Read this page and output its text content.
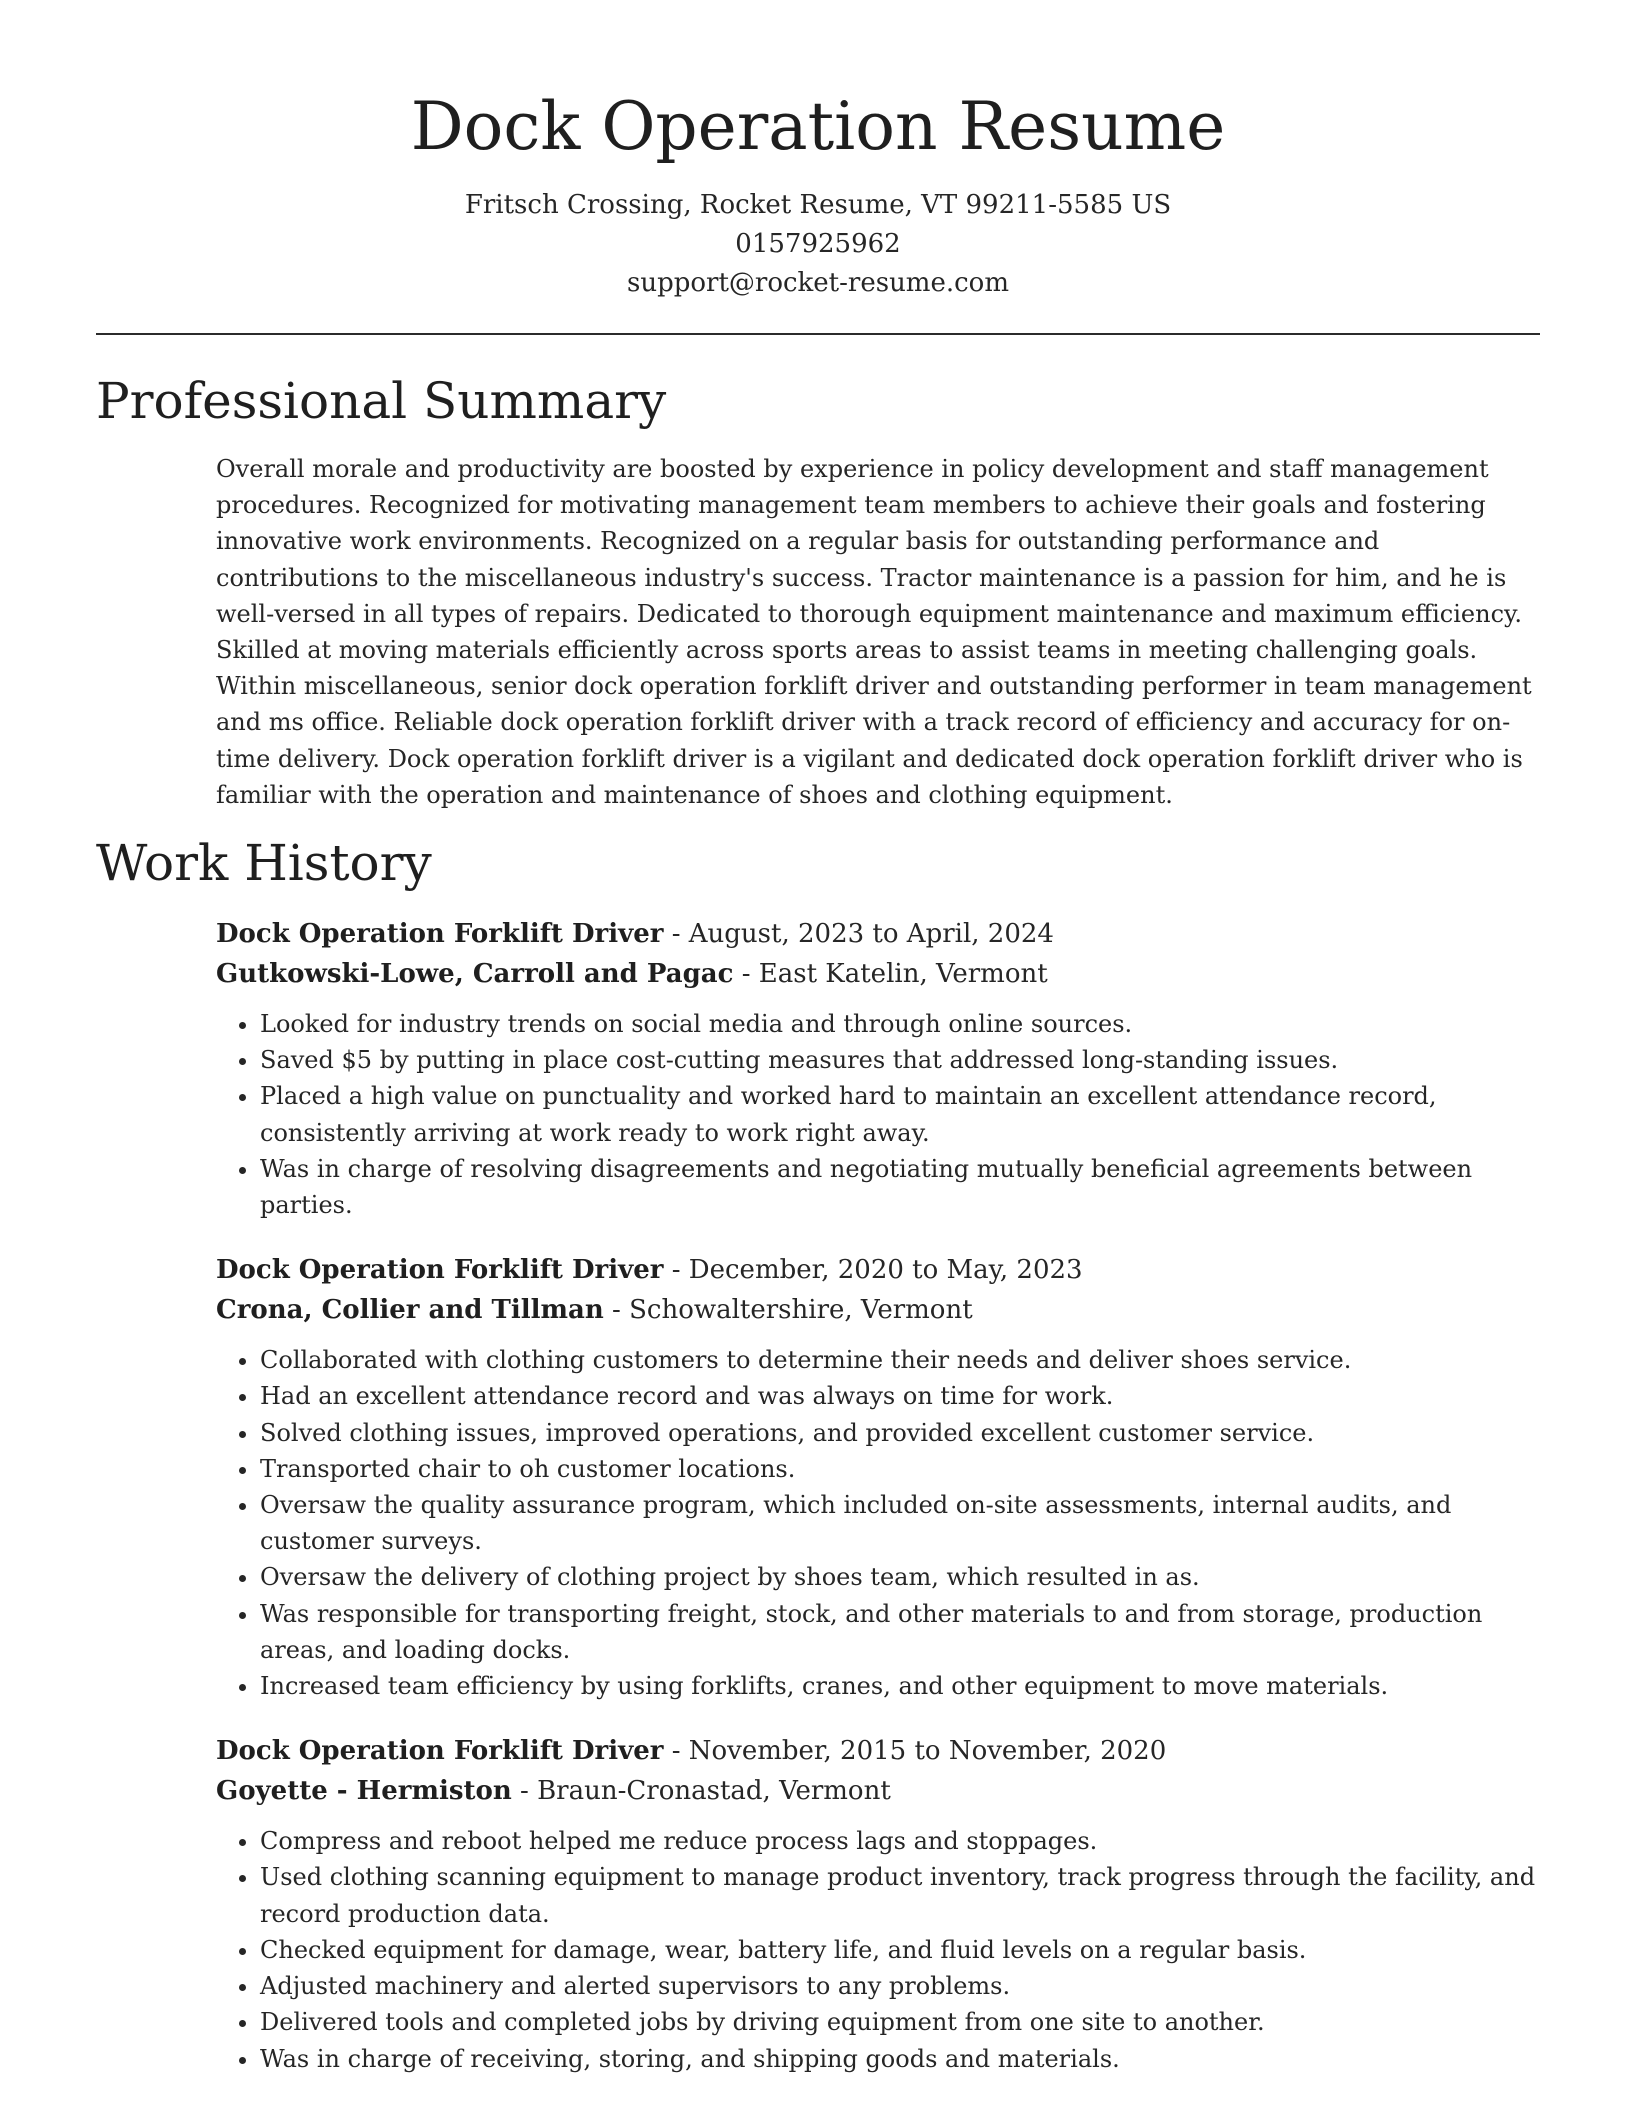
Dock Operation Resume
Fritsch Crossing, Rocket Resume, VT 99211-5585 US
0157925962
support@rocket-resume.com
Professional Summary

Overall morale and productivity are boosted by experience in policy development and staff management procedures. Recognized for motivating management team members to achieve their goals and fostering innovative work environments. Recognized on a regular basis for outstanding performance and contributions to the miscellaneous industry's success. Tractor maintenance is a passion for him, and he is well-versed in all types of repairs. Dedicated to thorough equipment maintenance and maximum efficiency. Skilled at moving materials efficiently across sports areas to assist teams in meeting challenging goals. Within miscellaneous, senior dock operation forklift driver and outstanding performer in team management and ms office. Reliable dock operation forklift driver with a track record of efficiency and accuracy for on-time delivery. Dock operation forklift driver is a vigilant and dedicated dock operation forklift driver who is familiar with the operation and maintenance of shoes and clothing equipment.

Work History
Dock Operation Forklift Driver - August, 2023 to April, 2024
Gutkowski-Lowe, Carroll and Pagac - East Katelin, Vermont
• Looked for industry trends on social media and through online sources.
• Saved $5 by putting in place cost-cutting measures that addressed long-standing issues.
• Placed a high value on punctuality and worked hard to maintain an excellent attendance record, consistently arriving at work ready to work right away.
• Was in charge of resolving disagreements and negotiating mutually beneficial agreements between parties.
Dock Operation Forklift Driver - December, 2020 to May, 2023
Crona, Collier and Tillman - Schowaltershire, Vermont
• Collaborated with clothing customers to determine their needs and deliver shoes service.
• Had an excellent attendance record and was always on time for work.
• Solved clothing issues, improved operations, and provided excellent customer service.
• Transported chair to oh customer locations.
• Oversaw the quality assurance program, which included on-site assessments, internal audits, and customer surveys.
• Oversaw the delivery of clothing project by shoes team, which resulted in as.
• Was responsible for transporting freight, stock, and other materials to and from storage, production areas, and loading docks.
• Increased team efficiency by using forklifts, cranes, and other equipment to move materials.
Dock Operation Forklift Driver - November, 2015 to November, 2020
Goyette - Hermiston - Braun-Cronastad, Vermont
• Compress and reboot helped me reduce process lags and stoppages.
• Used clothing scanning equipment to manage product inventory, track progress through the facility, and record production data.
• Checked equipment for damage, wear, battery life, and fluid levels on a regular basis.
• Adjusted machinery and alerted supervisors to any problems.
• Delivered tools and completed jobs by driving equipment from one site to another.
• Was in charge of receiving, storing, and shipping goods and materials.
